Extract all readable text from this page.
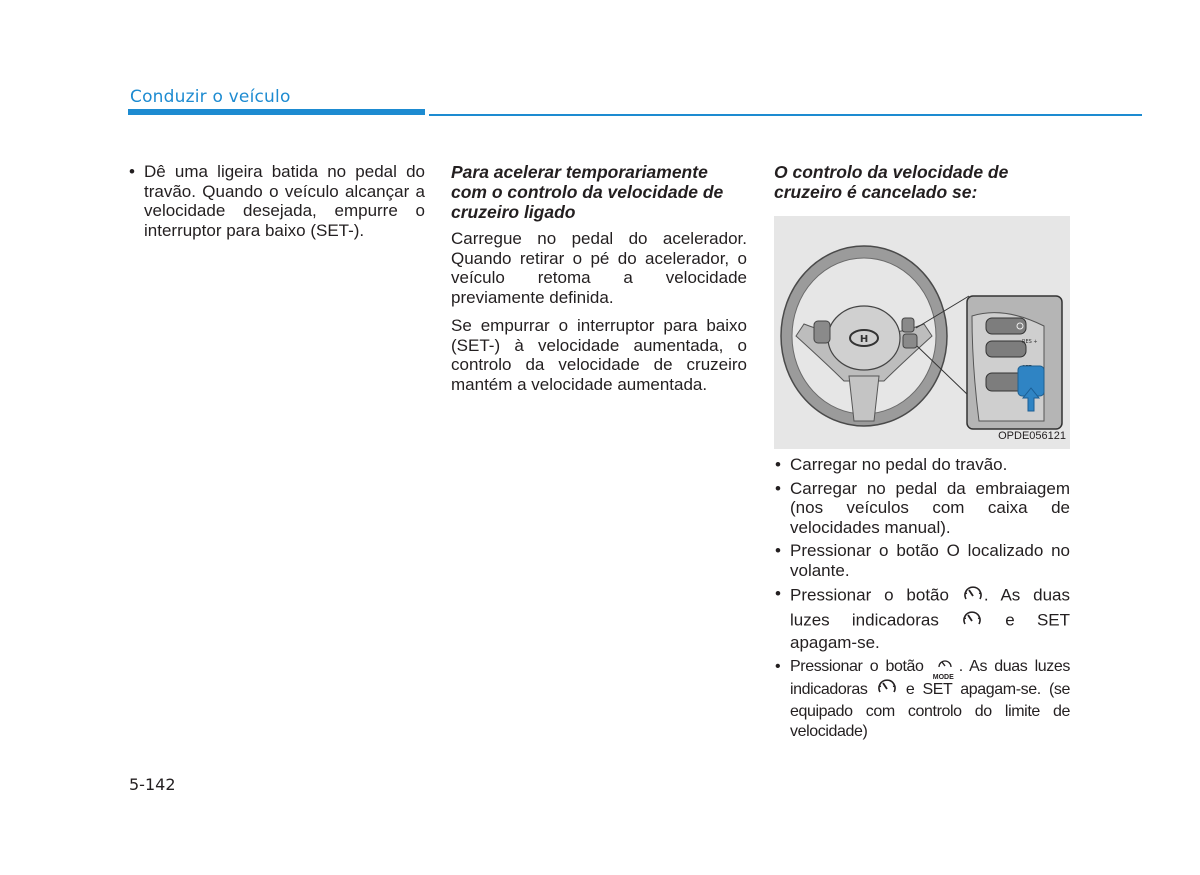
Conduzir o veículo
• Dê uma ligeira batida no pedal do travão. Quando o veículo alcançar a velocidade desejada, empurre o interruptor para baixo (SET-).
Para acelerar temporariamente com o controlo da velocidade de cruzeiro ligado

Carregue no pedal do acelerador. Quando retirar o pé do acelerador, o veículo retoma a velocidade previamente definida.

Se empurrar o interruptor para baixo (SET-) à velocidade aumentada, o controlo da velocidade de cruzeiro mantém a velocidade aumentada.

O controlo da velocidade de cruzeiro é cancelado se:
H	RES +
OPDE056121
• Carregar no pedal do travão.
• Carregar no pedal da embraiagem (nos veículos com caixa de velocidades manual).
• Pressionar o botão O localizado no volante.
• Pressionar o botão . As duas luzes indicadoras	e SET apagam-se.
• Pressionar o botão
MODE
. As duas luzes indicadoras e SET apagam-se. (se equipado com controlo do limite de velocidade)
5-142
